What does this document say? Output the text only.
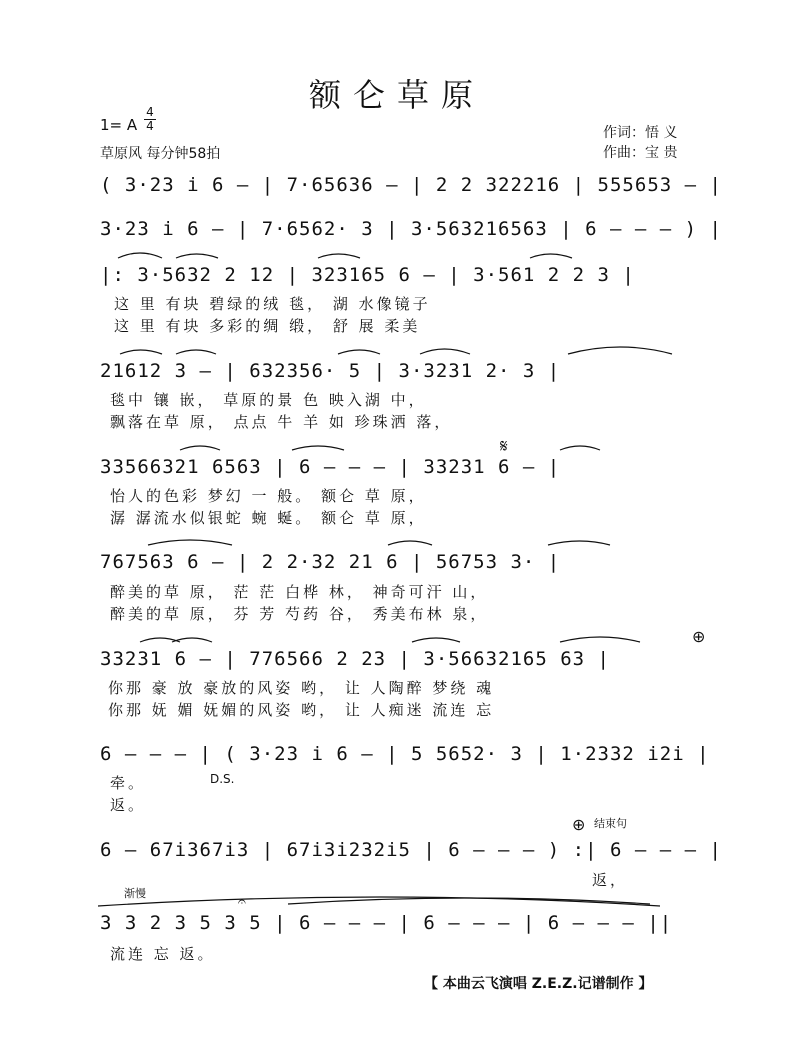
额仑草原
1= A
4
4
草原风 每分钟58拍
作词：悟 义
作曲：宝 贵
( 3·23 i 6 – | 7·65636 – | 2 2 322216 | 555653 – |
3·23 i 6 – | 7·6562· 3 | 3·563216563 | 6 – – – ) |
|: 3·5632 2 12 | 323165 6 – | 3·561 2 2 3 |
这 里 有块 碧绿的绒 毯， 湖 水像镜子
这 里 有块 多彩的绸 缎， 舒 展 柔美
21612 3 – | 632356· 5 | 3·3231 2· 3 |
毯中 镶 嵌， 草原的景 色 映入湖 中，
飘落在草 原， 点点 牛 羊 如 珍珠洒 落，
33566321 6563 | 6 – – – | 33231 6 – |
怡人的色彩 梦幻 一 般。 额仑 草 原，
潺 潺流水似银蛇 蜿 蜒。 额仑 草 原，
767563 6 – | 2 2·32 21 6 | 56753 3· |
醉美的草 原， 茫 茫 白桦 林， 神奇可汗 山，
醉美的草 原， 芬 芳 芍药 谷， 秀美布林 泉，
33231 6 – | 776566 2 23 | 3·56632165 63 |
你那 豪 放 豪放的风姿 哟， 让 人陶醉 梦绕 魂
你那 妩 媚 妩媚的风姿 哟， 让 人痴迷 流连 忘
6 – – – | ( 3·23 i 6 – | 5 5652· 3 | 1·2332 i2i |
牵。	D.S.
返。
结束句
6 – 67i367i3 | 67i3i232i5 | 6 – – – ) :| 6 – – – |
返，
渐慢
3 3 2 3 5 3 5 | 6 – – – | 6 – – – | 6 – – – ||
流连 忘 返。
【 本曲云飞演唱 Z.E.Z.记谱制作 】
𝄋
⊕
⊕
𝄐
